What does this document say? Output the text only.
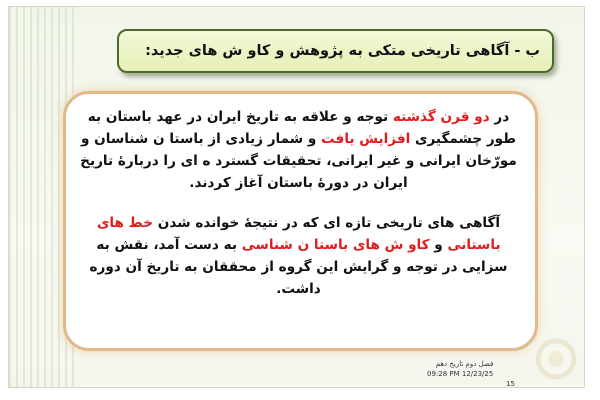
ب - آگاهی تاریخی متکی به پژوهش و کاو ش های جدید:

در دو قرن گذشته توجه و علاقه به تاریخ ایران در عهد باستان به طور چشمگیری افزایش یافت و شمار زیادی از باستا ن شناسان و مورّخان ایرانی و غیر ایرانی، تحقیقات گسترد ه ای را دربارۀ تاریخ ایران در دورۀ باستان آغاز کردند.

آگاهی های تاریخی تازه ای که در نتیجۀ خوانده شدن خط های باستانی و کاو ش های باستا ن شناسی به دست آمد، نقش به سزایی در توجه و گرایش این گروه از محققان به تاریخ آن دوره داشت.

فصل دوم تاریخ دهم
09:28 PM 12/23/25
15
